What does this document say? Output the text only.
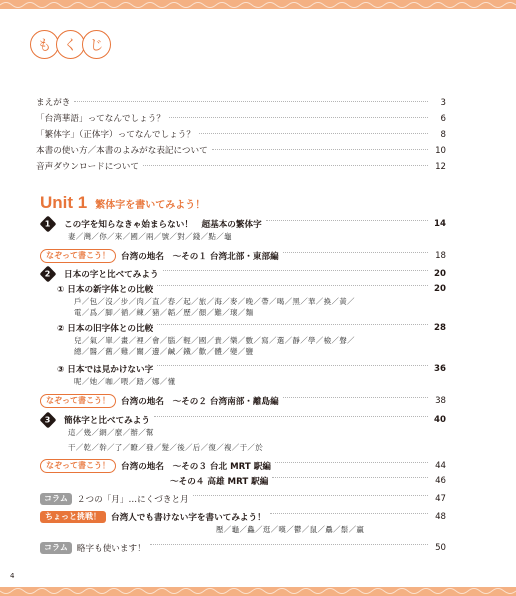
も く じ
まえがき	3
「台湾華語」ってなんでしょう？	6
「繁体字」（正体字）ってなんでしょう？	8
本書の使い方／本書のよみがな表記について	10
音声ダウンロードについて	12
Unit 1 繁体字を書いてみよう！
1 この字を知らなきゃ始まらない！　超基本の繁体字	14
妻／灣／你／來／國／兩／號／對／錢／點／龜
なぞって書こう！	台湾の地名　～その１ 台湾北部・東部編	18
2 日本の字と比べてみよう	20
① 日本の新字体との比較	20
戶／包／沒／步／肉／直／春／起／旅／海／麥／晚／帶／喝／黑／華／換／黃／
電／爲／脚／循／練／豬／韜／歷／顏／難／瓌／麵
② 日本の旧字体との比較	28
兒／氣／單／畫／裡／會／腦／輕／國／貴／樂／數／寫／選／靜／學／檢／聲／
總／醫／舊／雞／關／邊／鹹／鐵／歡／體／變／鹽
③ 日本では見かけない字	36
呢／她／咖／喂／踏／娜／懂
なぞって書こう！	台湾の地名　～その２ 台湾南部・離島編	38
3 簡体字と比べてみよう	40
這／幾／網／麼／辦／幫
干／乾／幹／了／瞭／發／髮／後／后／復／複／于／於
なぞって書こう！	台湾の地名　～その３ 台北 MRT 駅編	44
～その４ 高雄 MRT 駅編	46
コラム	２つの「月」…にくづきと月	47
ちょっと挑戦！	台湾人でも書けない字を書いてみよう！	48
壓／龜／鱻／逛／嘆／鬱／鼠／驫／鬃／贏
コラム	略字も使います！	50
4
